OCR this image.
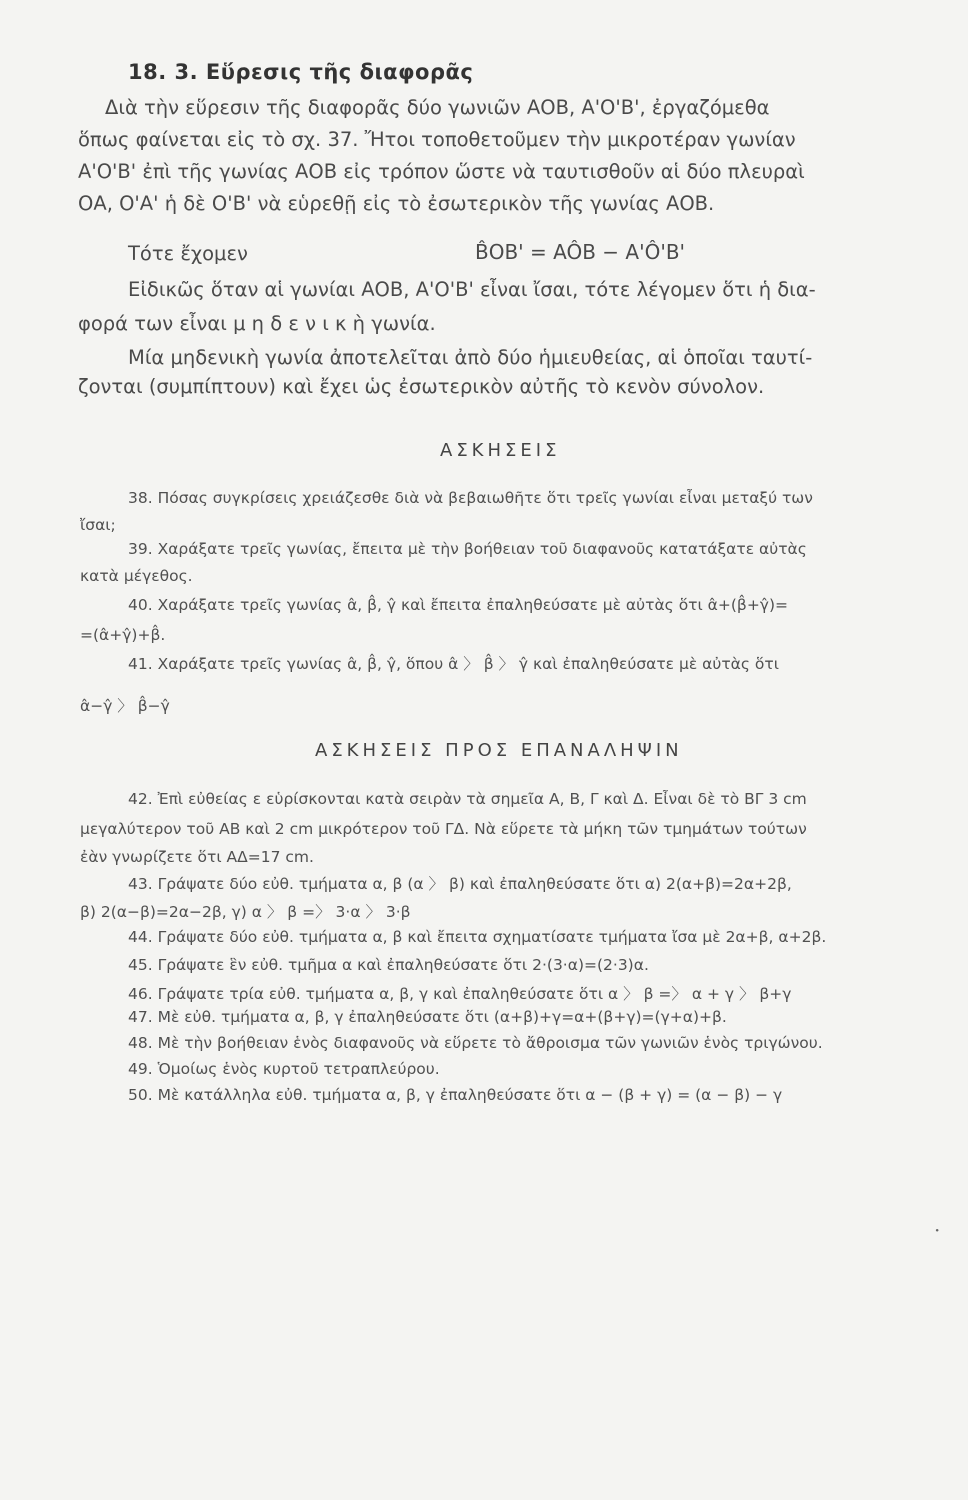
18. 3. Εὕρεσις τῆς διαφορᾶς
Διὰ τὴν εὕρεσιν τῆς διαφορᾶς δύο γωνιῶν ΑΟΒ, Α'Ο'Β', ἐργαζόμεθα
ὅπως φαίνεται εἰς τὸ σχ. 37. Ἤτοι τοποθετοῦμεν τὴν μικροτέραν γωνίαν
Α'Ο'Β' ἐπὶ τῆς γωνίας ΑΟΒ εἰς τρόπον ὥστε νὰ ταυτισθοῦν αἱ δύο πλευραὶ
ΟΑ, Ο'Α' ἡ δὲ Ο'Β' νὰ εὑρεθῇ εἰς τὸ ἐσωτερικὸν τῆς γωνίας ΑΟΒ.
Τότε ἔχομεν	B̂OB' = AÔB − A'Ô'B'
Εἰδικῶς ὅταν αἱ γωνίαι ΑΟΒ, Α'Ο'Β' εἶναι ἴσαι, τότε λέγομεν ὅτι ἡ δια-
φορά των εἶναι μ η δ ε ν ι κ ὴ γωνία.
Μία μηδενικὴ γωνία ἀποτελεῖται ἀπὸ δύο ἡμιευθείας, αἱ ὁποῖαι ταυτί-
ζονται (συμπίπτουν) καὶ ἔχει ὡς ἐσωτερικὸν αὐτῆς τὸ κενὸν σύνολον.
ΑΣΚΗΣΕΙΣ
38. Πόσας συγκρίσεις χρειάζεσθε διὰ νὰ βεβαιωθῆτε ὅτι τρεῖς γωνίαι εἶναι μεταξύ των
ἴσαι;
39. Χαράξατε τρεῖς γωνίας, ἔπειτα μὲ τὴν βοήθειαν τοῦ διαφανοῦς κατατάξατε αὐτὰς
κατὰ μέγεθος.
40. Χαράξατε τρεῖς γωνίας α̂, β̂, γ̂ καὶ ἔπειτα ἐπαληθεύσατε μὲ αὐτὰς ὅτι α̂+(β̂+γ̂)=
=(α̂+γ̂)+β̂.
41. Χαράξατε τρεῖς γωνίας α̂, β̂, γ̂, ὅπου α̂ 〉 β̂ 〉 γ̂ καὶ ἐπαληθεύσατε μὲ αὐτὰς ὅτι
α̂−γ̂ 〉 β̂−γ̂
ΑΣΚΗΣΕΙΣ ΠΡΟΣ ΕΠΑΝΑΛΗΨΙΝ
42. Ἐπὶ εὐθείας ε εὑρίσκονται κατὰ σειρὰν τὰ σημεῖα Α, Β, Γ καὶ Δ. Εἶναι δὲ τὸ ΒΓ 3 cm
μεγαλύτερον τοῦ ΑΒ καὶ 2 cm μικρότερον τοῦ ΓΔ. Νὰ εὕρετε τὰ μήκη τῶν τμημάτων τούτων
ἐὰν γνωρίζετε ὅτι ΑΔ=17 cm.
43. Γράψατε δύο εὐθ. τμήματα α, β (α 〉 β) καὶ ἐπαληθεύσατε ὅτι α) 2(α+β)=2α+2β,
β) 2(α−β)=2α−2β, γ) α 〉 β =〉 3·α 〉 3·β
44. Γράψατε δύο εὐθ. τμήματα α, β καὶ ἔπειτα σχηματίσατε τμήματα ἴσα μὲ 2α+β, α+2β.
45. Γράψατε ἓν εὐθ. τμῆμα α καὶ ἐπαληθεύσατε ὅτι 2·(3·α)=(2·3)α.
46. Γράψατε τρία εὐθ. τμήματα α, β, γ καὶ ἐπαληθεύσατε ὅτι α 〉 β =〉 α + γ 〉 β+γ
47. Μὲ εὐθ. τμήματα α, β, γ ἐπαληθεύσατε ὅτι (α+β)+γ=α+(β+γ)=(γ+α)+β.
48. Μὲ τὴν βοήθειαν ἑνὸς διαφανοῦς νὰ εὕρετε τὸ ἄθροισμα τῶν γωνιῶν ἑνὸς τριγώνου.
49. Ὁμοίως ἑνὸς κυρτοῦ τετραπλεύρου.
50. Μὲ κατάλληλα εὐθ. τμήματα α, β, γ ἐπαληθεύσατε ὅτι α − (β + γ) = (α − β) − γ
·
